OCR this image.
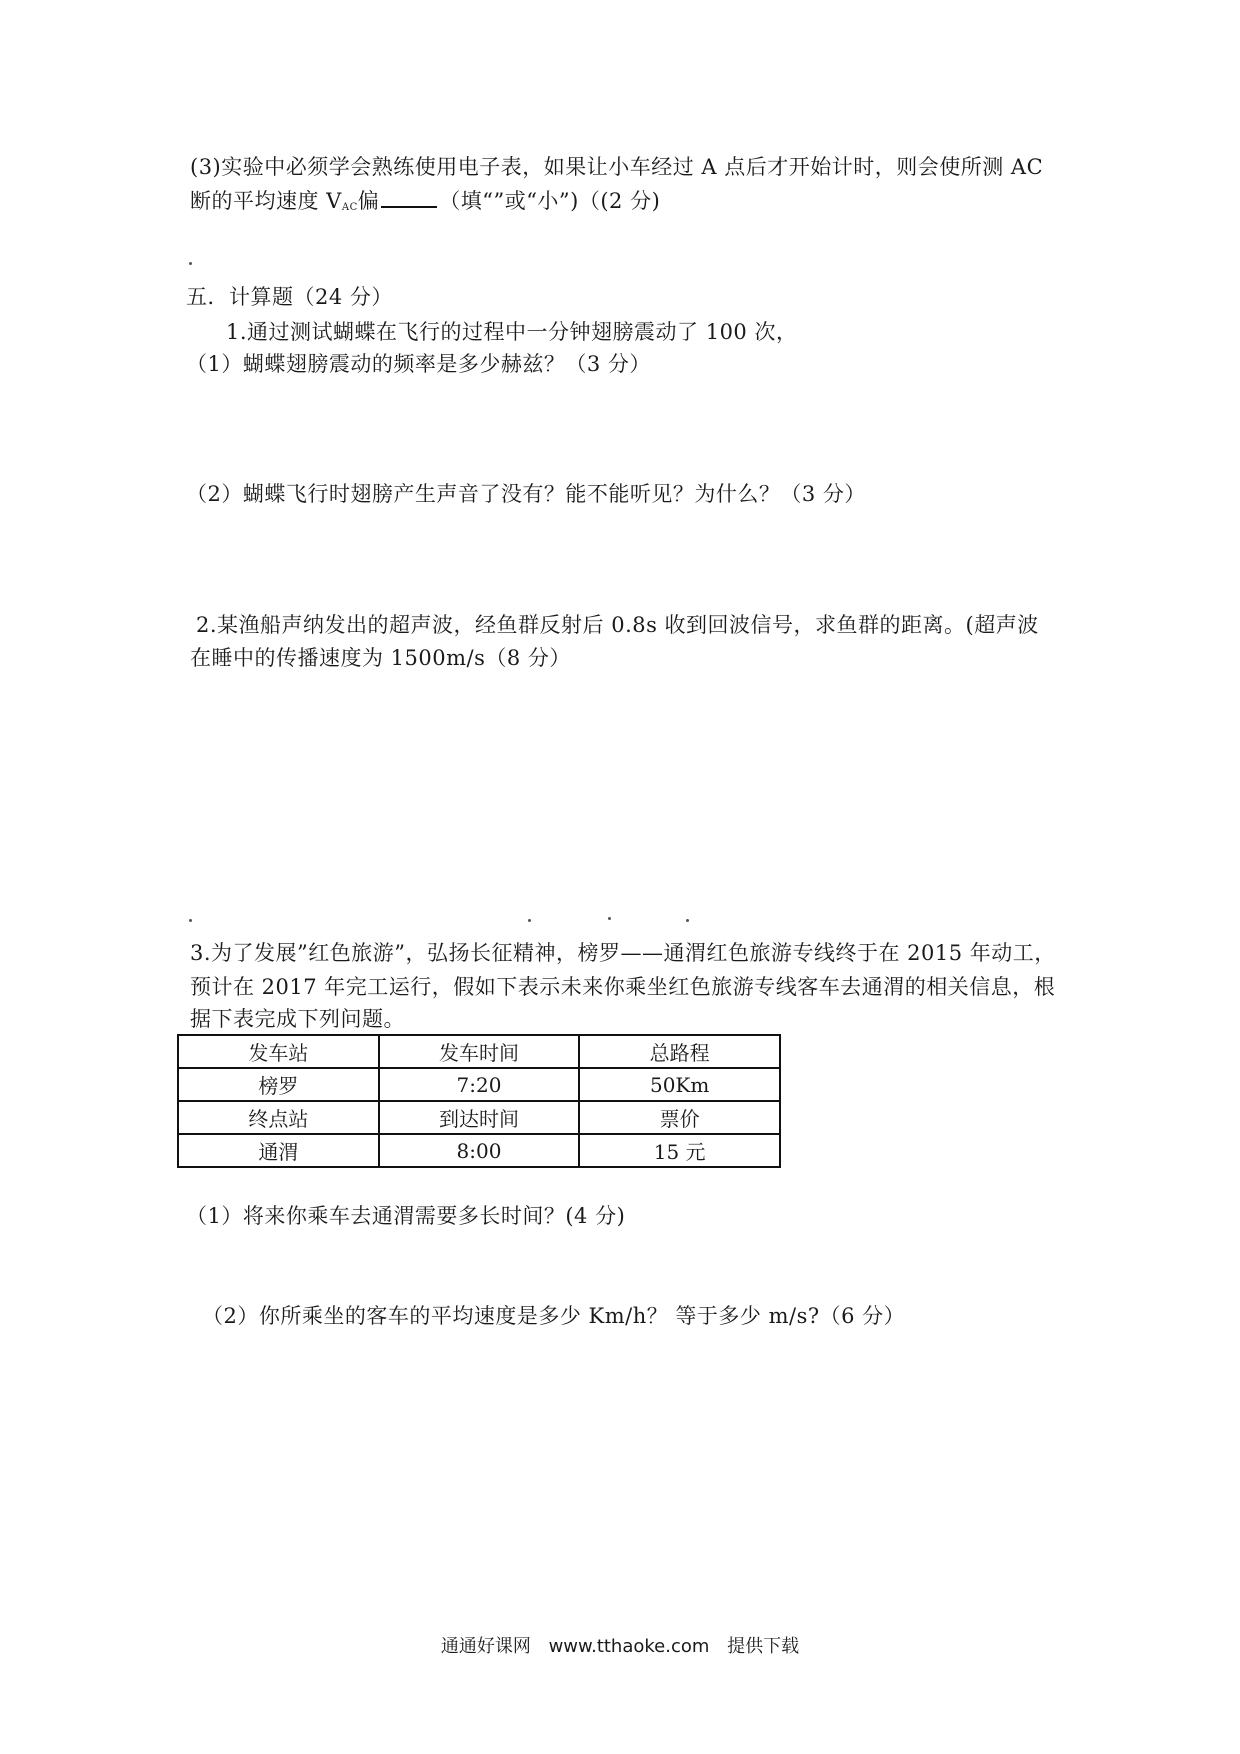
(3)实验中必须学会熟练使用电子表，如果让小车经过 A 点后才开始计时，则会使所测 AC
断的平均速度 $V_{AC}$偏	（填“”或“小”)（(2 分)
五．计算题（24 分）
1.通过测试蝴蝶在飞行的过程中一分钟翅膀震动了 100 次，
（1）蝴蝶翅膀震动的频率是多少赫兹？（3 分）
（2）蝴蝶飞行时翅膀产生声音了没有？能不能听见？为什么？（3 分）
2.某渔船声纳发出的超声波，经鱼群反射后 0.8s 收到回波信号，求鱼群的距离。(超声波
在睡中的传播速度为 1500m/s（8 分）
3.为了发展”红色旅游”，弘扬长征精神，榜罗——通渭红色旅游专线终于在 2015 年动工，
预计在 2017 年完工运行，假如下表示未来你乘坐红色旅游专线客车去通渭的相关信息，根
据下表完成下列问题。
发车站	发车时间	总路程
榜罗	7:20	50Km
终点站	到达时间	票价
通渭	8:00	15 元
（1）将来你乘车去通渭需要多长时间？(4 分)
（2）你所乘坐的客车的平均速度是多少 Km/h？ 等于多少 m/s?（6 分）
通通好课网 www.tthaoke.com 提供下载
